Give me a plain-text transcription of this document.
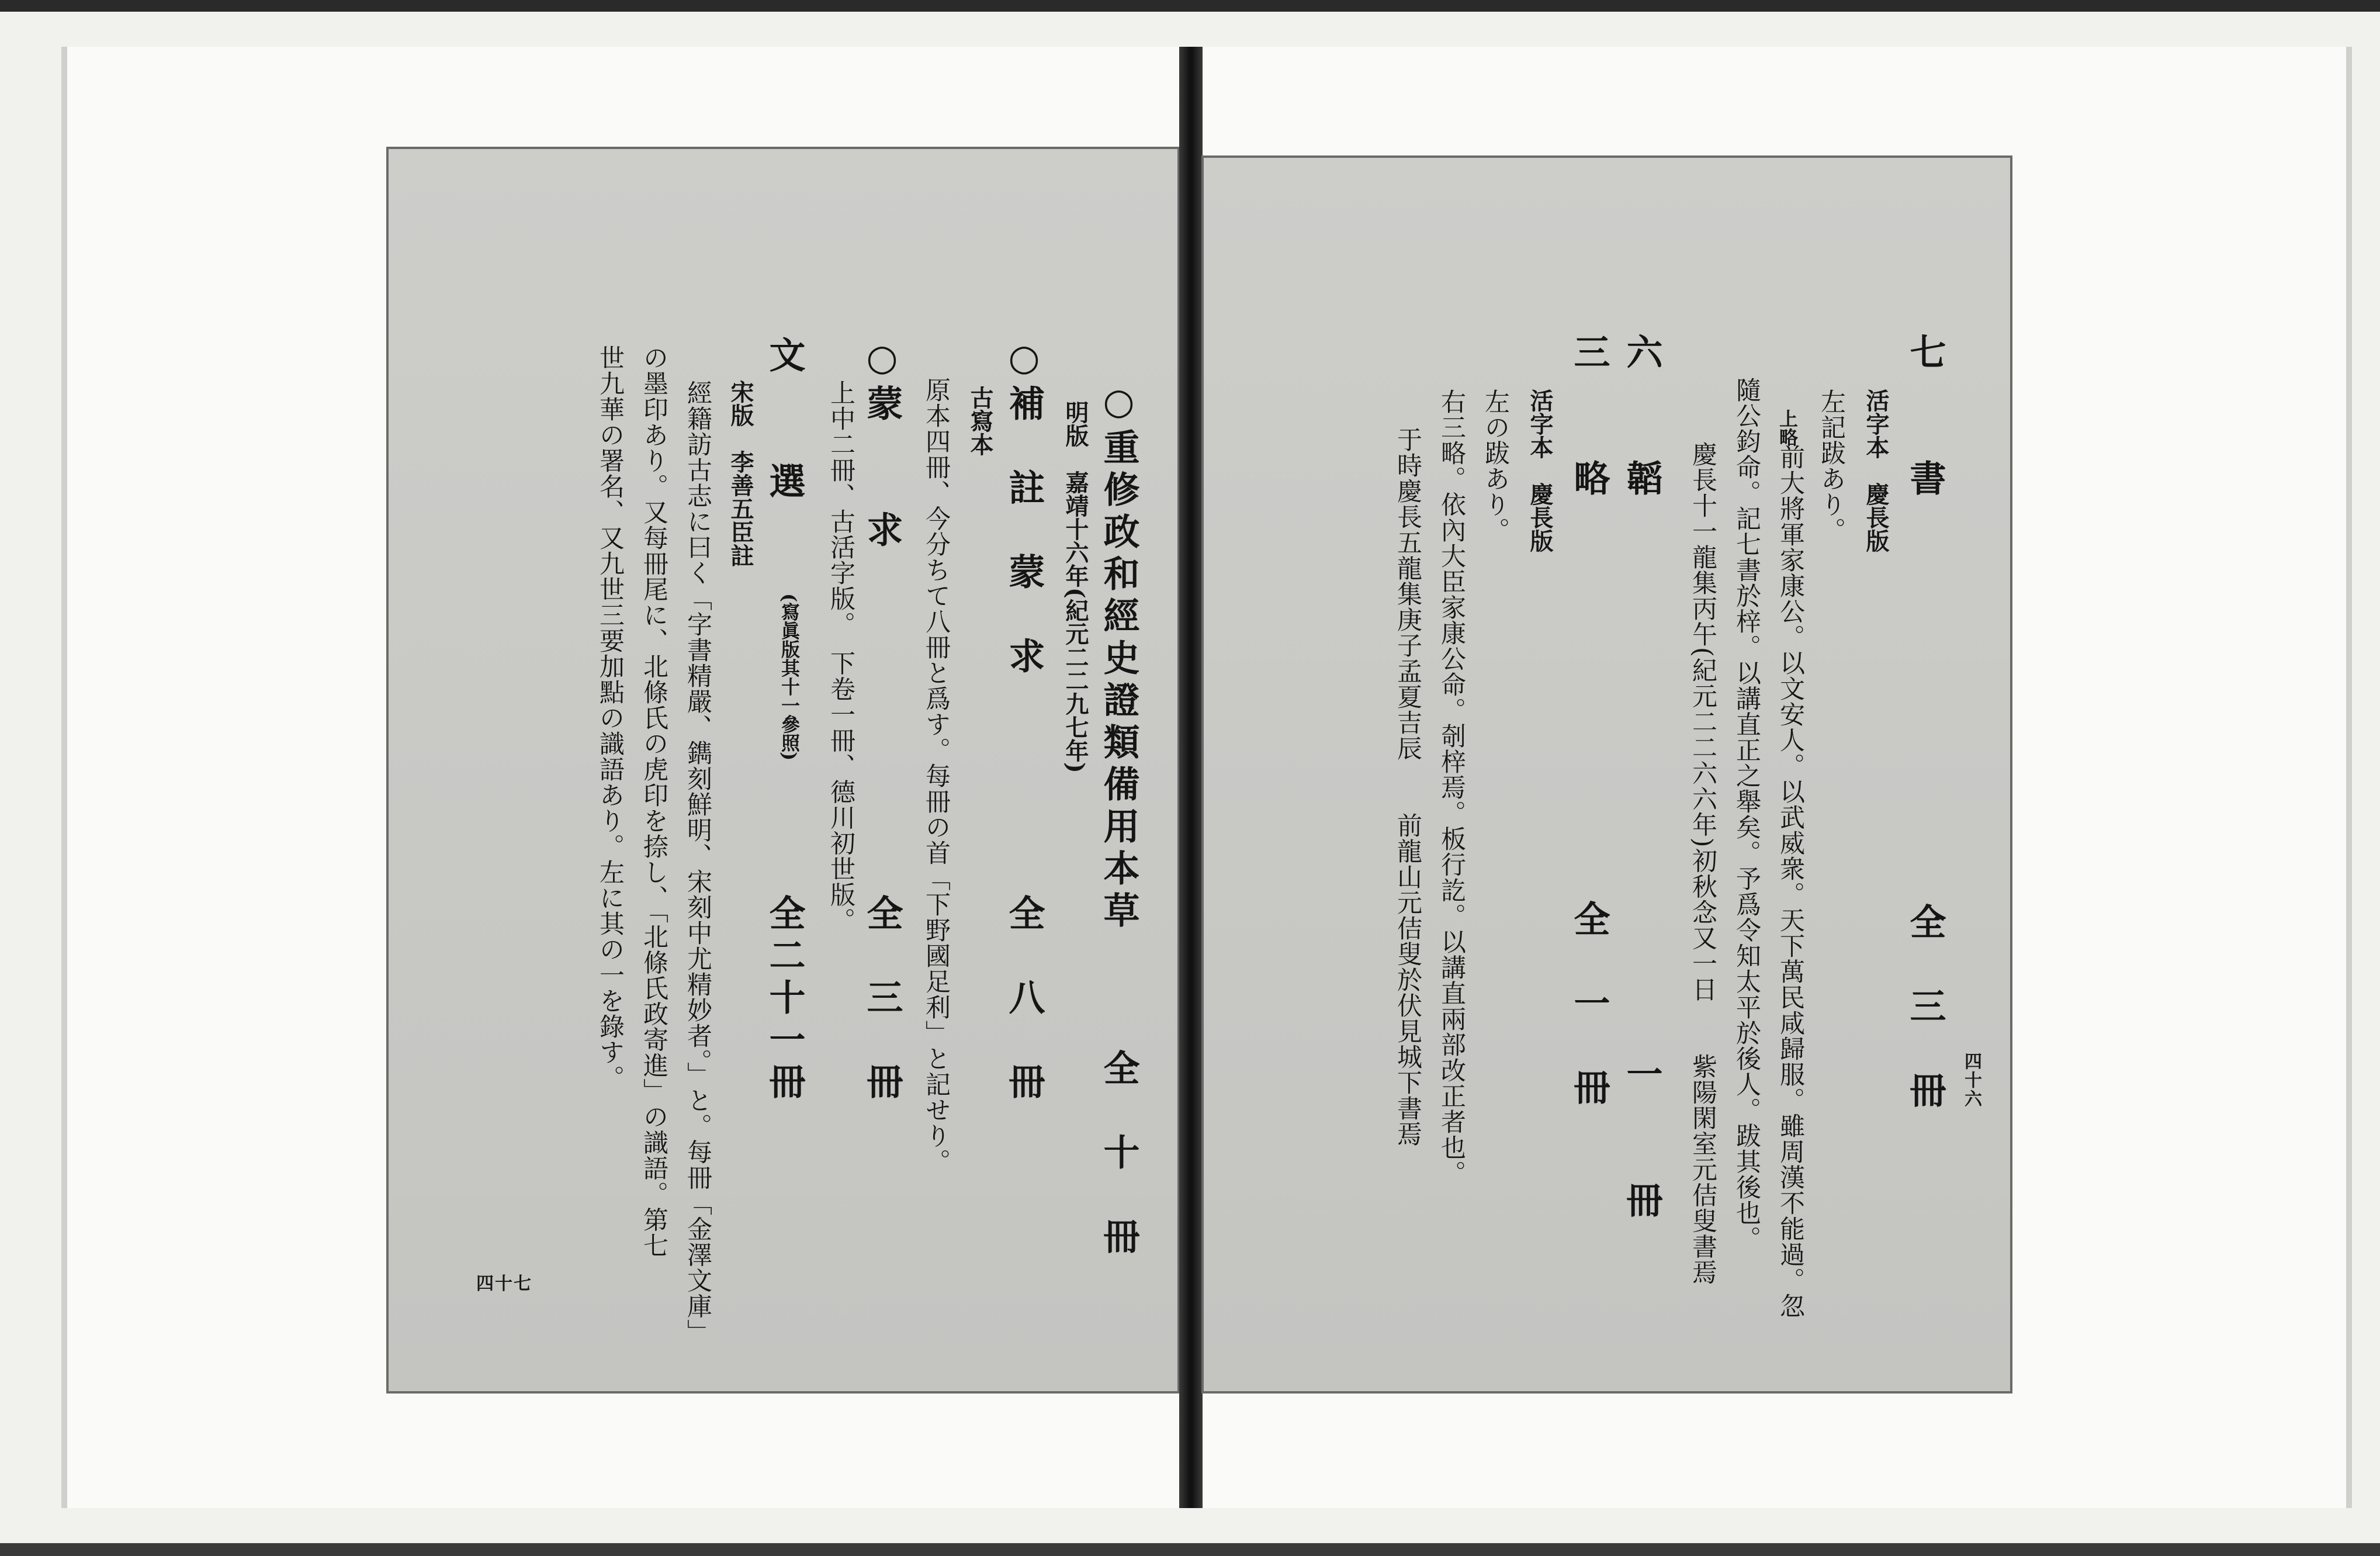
○重修政和經史證類備用本草
全　十　冊
明版　嘉靖十六年(紀元二二九七年)
○補　註　蒙　求
全　八　冊
古寫本
原本四冊、今分ちて八冊と爲す。每冊の首「下野國足利」と記せり。
○蒙　　求
全　三　冊
上中二冊、古活字版。　下卷一冊、德川初世版。
文　　選
(寫眞版其十一參照)
全二十一冊
宋版　李善五臣註
經籍訪古志に曰く「字書精嚴、鐫刻鮮明、宋刻中尤精妙者。」と。每冊「金澤文庫」
の墨印あり。又每冊尾に、北條氏の虎印を捺し、「北條氏政寄進」の識語。第七
世九華の署名、又九世三要加點の識語あり。左に其の一を錄す。
四十七
四十六
七　　書
全　三　冊
活字本　慶長版
左記跋あり。
上略
前大將軍家康公。以文安人。以武威衆。天下萬民咸歸服。雖周漢不能過。忽
隨公鈞命。記七書於梓。以講直正之舉矣。予爲令知太平於後人。跋其後也。
慶長十一龍集丙午(紀元二二六六年)初秋念又一日　　紫陽閑室元佶叟書焉
六　　韜
一　　冊
三　　略
全　一　冊
活字本　慶長版
左の跋あり。
右三略。依內大臣家康公命。剞梓焉。板行訖。以講直兩部改正者也。
于時慶長五龍集庚子孟夏吉辰　　前龍山元佶叟於伏見城下書焉
